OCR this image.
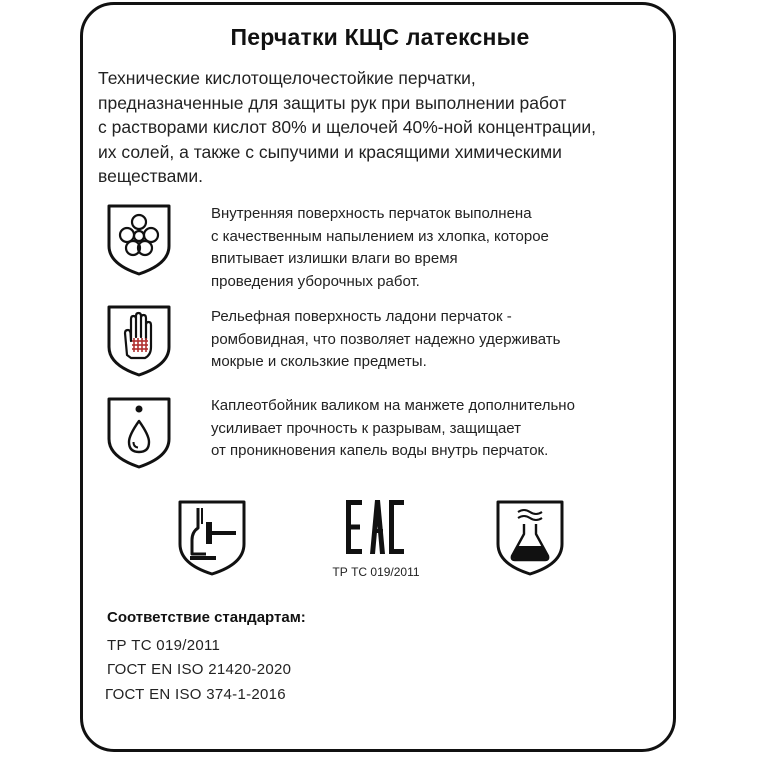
Перчатки КЩС латексные
Технические кислотощелочестойкие перчатки,
предназначенные для защиты рук при выполнении работ
с растворами кислот 80% и щелочей 40%-ной концентрации,
их солей, а также с сыпучими и красящими химическими
веществами.
Внутренняя поверхность перчаток выполнена
с качественным напылением из хлопка, которое
впитывает излишки влаги во время
проведения уборочных работ.
Рельефная поверхность ладони перчаток -
ромбовидная, что позволяет надежно удерживать
мокрые и скользкие предметы.
Каплеотбойник валиком на манжете дополнительно
усиливает прочность к разрывам, защищает
от проникновения капель воды внутрь перчаток.
ТР ТС 019/2011
Соответствие стандартам:
ТР ТС 019/2011
ГОСТ EN ISO 21420-2020
ГОСТ EN ISO 374-1-2016
